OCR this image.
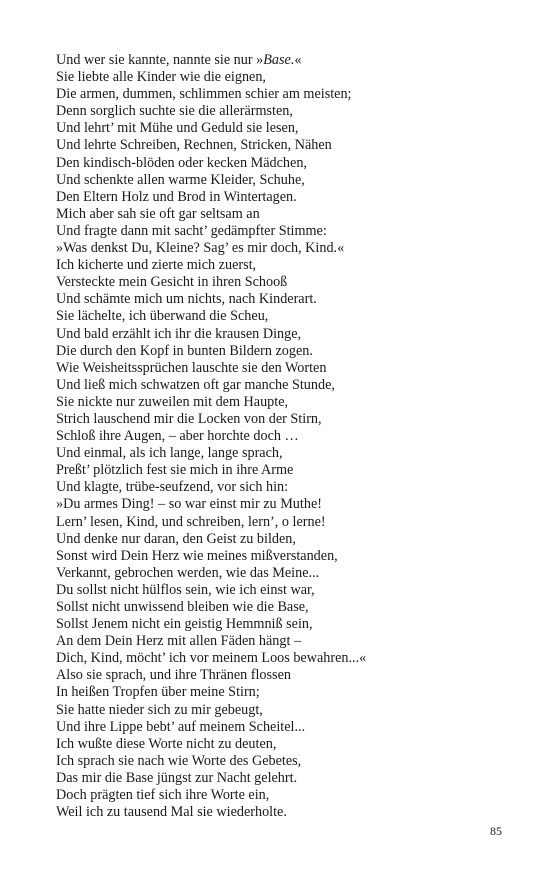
Und wer sie kannte, nannte sie nur »Base.«
Sie liebte alle Kinder wie die eignen,
Die armen, dummen, schlimmen schier am meisten;
Denn sorglich suchte sie die allerärmsten,
Und lehrt’ mit Mühe und Geduld sie lesen,
Und lehrte Schreiben, Rechnen, Stricken, Nähen
Den kindisch-blöden oder kecken Mädchen,
Und schenkte allen warme Kleider, Schuhe,
Den Eltern Holz und Brod in Wintertagen.
Mich aber sah sie oft gar seltsam an
Und fragte dann mit sacht’ gedämpfter Stimme:
»Was denkst Du, Kleine? Sag’ es mir doch, Kind.«
Ich kicherte und zierte mich zuerst,
Versteckte mein Gesicht in ihren Schooß
Und schämte mich um nichts, nach Kinderart.
Sie lächelte, ich überwand die Scheu,
Und bald erzählt ich ihr die krausen Dinge,
Die durch den Kopf in bunten Bildern zogen.
Wie Weisheitssprüchen lauschte sie den Worten
Und ließ mich schwatzen oft gar manche Stunde,
Sie nickte nur zuweilen mit dem Haupte,
Strich lauschend mir die Locken von der Stirn,
Schloß ihre Augen, – aber horchte doch …
Und einmal, als ich lange, lange sprach,
Preßt’ plötzlich fest sie mich in ihre Arme
Und klagte, trübe-seufzend, vor sich hin:
»Du armes Ding! – so war einst mir zu Muthe!
Lern’ lesen, Kind, und schreiben, lern’, o lerne!
Und denke nur daran, den Geist zu bilden,
Sonst wird Dein Herz wie meines mißverstanden,
Verkannt, gebrochen werden, wie das Meine...
Du sollst nicht hülflos sein, wie ich einst war,
Sollst nicht unwissend bleiben wie die Base,
Sollst Jenem nicht ein geistig Hemmniß sein,
An dem Dein Herz mit allen Fäden hängt –
Dich, Kind, möcht’ ich vor meinem Loos bewahren...«
Also sie sprach, und ihre Thränen flossen
In heißen Tropfen über meine Stirn;
Sie hatte nieder sich zu mir gebeugt,
Und ihre Lippe bebt’ auf meinem Scheitel...
Ich wußte diese Worte nicht zu deuten,
Ich sprach sie nach wie Worte des Gebetes,
Das mir die Base jüngst zur Nacht gelehrt.
Doch prägten tief sich ihre Worte ein,
Weil ich zu tausend Mal sie wiederholte.
85
